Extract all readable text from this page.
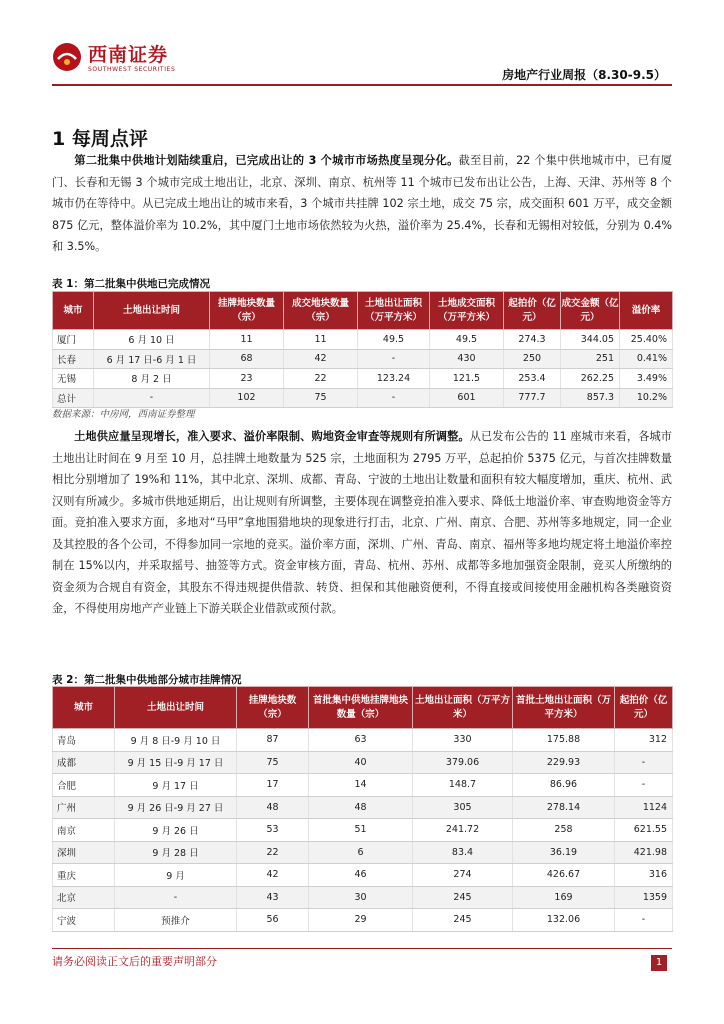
西南证券
SOUTHWEST SECURITIES	房地产行业周报（8.30-9.5）
1 每周点评
第二批集中供地计划陆续重启，已完成出让的 3 个城市市场热度呈现分化。截至目前，22 个集中供地城市中，已有厦门、长春和无锡 3 个城市完成土地出让，北京、深圳、南京、杭州等 11 个城市已发布出让公告，上海、天津、苏州等 8 个城市仍在等待中。从已完成土地出让的城市来看，3 个城市共挂牌 102 宗土地，成交 75 宗，成交面积 601 万平，成交金额 875 亿元，整体溢价率为 10.2%，其中厦门土地市场依然较为火热，溢价率为 25.4%，长春和无锡相对较低，分别为 0.4%和 3.5%。
表 1：第二批集中供地已完成情况
城市	土地出让时间	挂牌地块数量（宗）	成交地块数量（宗）	土地出让面积（万平方米）	土地成交面积（万平方米）	起拍价（亿元）	成交金额（亿元）	溢价率
厦门	6 月 10 日	11	11	49.5	49.5	274.3	344.05	25.40%
长春	6 月 17 日-6 月 1 日	68	42	-	430	250	251	0.41%
无锡	8 月 2 日	23	22	123.24	121.5	253.4	262.25	3.49%
总计	-	102	75	-	601	777.7	857.3	10.2%
数据来源：中房网，西南证券整理
土地供应量呈现增长，准入要求、溢价率限制、购地资金审查等规则有所调整。从已发布公告的 11 座城市来看，各城市土地出让时间在 9 月至 10 月，总挂牌土地数量为 525 宗，土地面积为 2795 万平，总起拍价 5375 亿元，与首次挂牌数量相比分别增加了 19%和 11%，其中北京、深圳、成都、青岛、宁波的土地出让数量和面积有较大幅度增加，重庆、杭州、武汉则有所减少。多城市供地延期后，出让规则有所调整，主要体现在调整竞拍准入要求、降低土地溢价率、审查购地资金等方面。竞拍准入要求方面，多地对“马甲”拿地围猎地块的现象进行打击，北京、广州、南京、合肥、苏州等多地规定，同一企业及其控股的各个公司，不得参加同一宗地的竞买。溢价率方面，深圳、广州、青岛、南京、福州等多地均规定将土地溢价率控制在 15%以内，并采取摇号、抽签等方式。资金审核方面，青岛、杭州、苏州、成都等多地加强资金限制，竞买人所缴纳的资金须为合规自有资金，其股东不得违规提供借款、转贷、担保和其他融资便利，不得直接或间接使用金融机构各类融资资金，不得使用房地产产业链上下游关联企业借款或预付款。
表 2：第二批集中供地部分城市挂牌情况
城市	土地出让时间	挂牌地块数（宗）	首批集中供地挂牌地块数量（宗）	土地出让面积（万平方米）	首批土地出让面积（万平方米）	起拍价（亿元）
青岛	9 月 8 日-9 月 10 日	87	63	330	175.88	312
成都	9 月 15 日-9 月 17 日	75	40	379.06	229.93	-
合肥	9 月 17 日	17	14	148.7	86.96	-
广州	9 月 26 日-9 月 27 日	48	48	305	278.14	1124
南京	9 月 26 日	53	51	241.72	258	621.55
深圳	9 月 28 日	22	6	83.4	36.19	421.98
重庆	9 月	42	46	274	426.67	316
北京	-	43	30	245	169	1359
宁波	预推介	56	29	245	132.06	-
请务必阅读正文后的重要声明部分	1
